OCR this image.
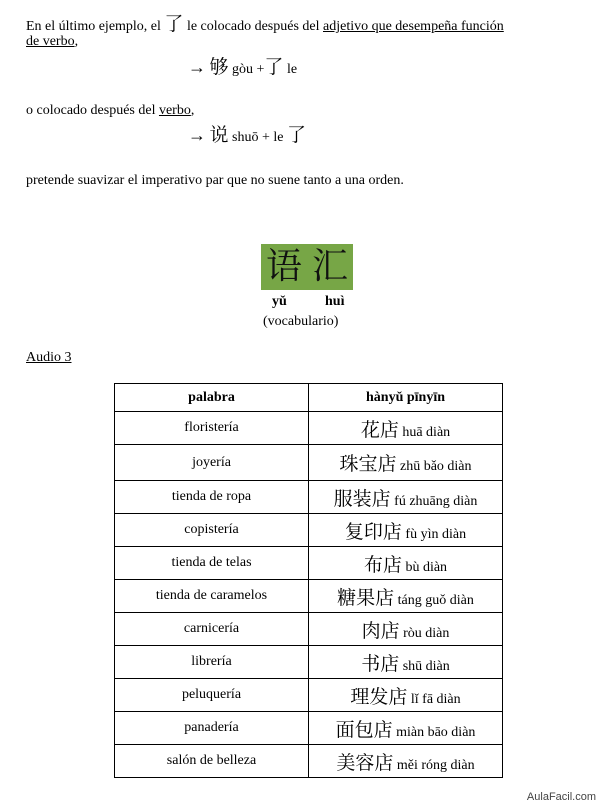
En el último ejemplo, el 了 le colocado después del adjetivo que desempeña función
de verbo,
→ 够 gòu +了 le
o colocado después del verbo,
→ 说 shuō + le 了
pretende suavizar el imperativo par que no suene tanto a una orden.
语 汇
yǔ	huì
(vocabulario)
Audio 3
palabra	hànyǔ pīnyīn
floristería	花店 huā diàn
joyería	珠宝店 zhū bǎo diàn
tienda de ropa	服装店 fú zhuāng diàn
copistería	复印店 fù yìn diàn
tienda de telas	布店 bù diàn
tienda de caramelos	糖果店 táng guǒ diàn
carnicería	肉店 ròu diàn
librería	书店 shū diàn
peluquería	理发店 lǐ fā diàn
panadería	面包店 miàn bāo diàn
salón de belleza	美容店 měi róng diàn
AulaFacil.com
